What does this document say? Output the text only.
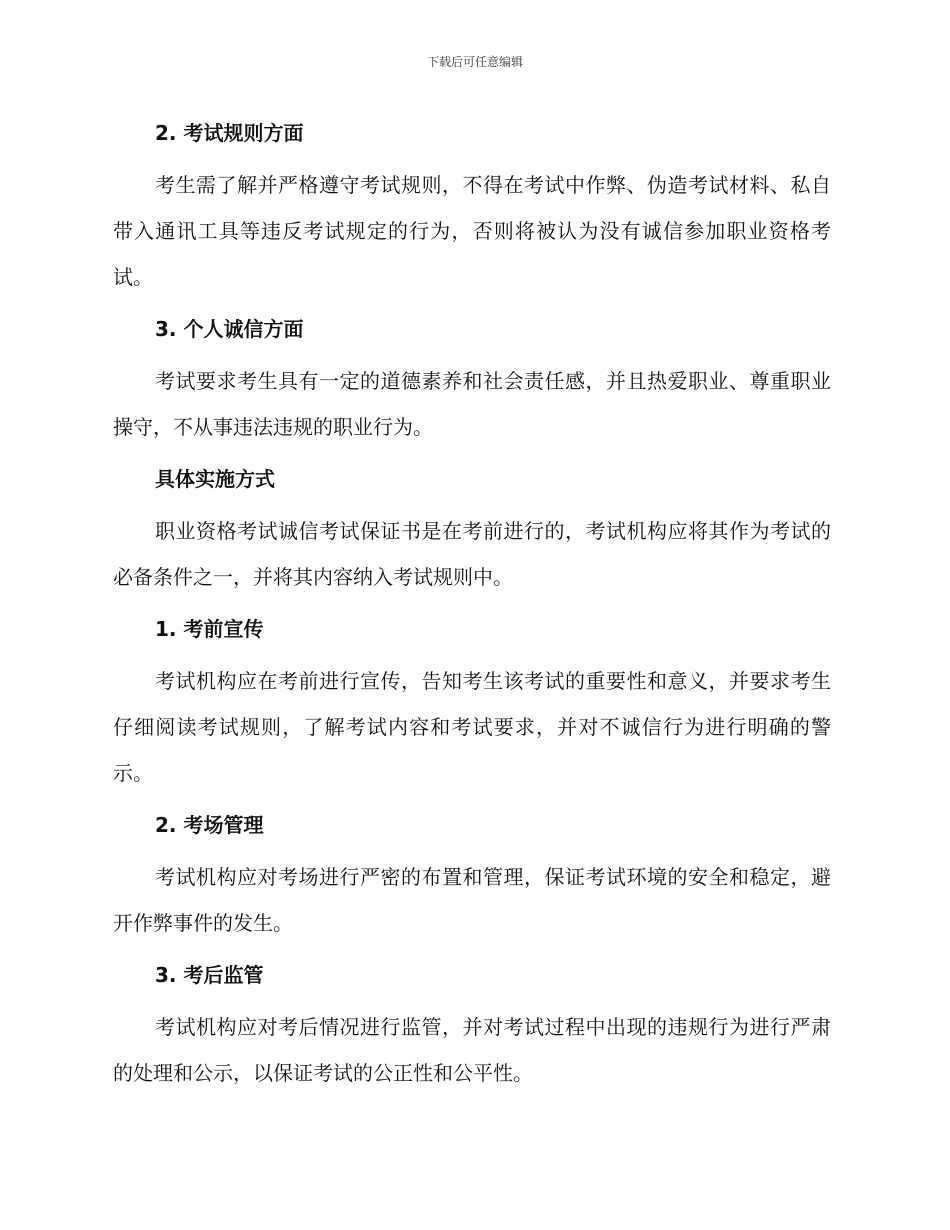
下载后可任意编辑
2. 考试规则方面

考生需了解并严格遵守考试规则，不得在考试中作弊、伪造考试材料、私自带入通讯工具等违反考试规定的行为，否则将被认为没有诚信参加职业资格考试。

3. 个人诚信方面

考试要求考生具有一定的道德素养和社会责任感，并且热爱职业、尊重职业操守，不从事违法违规的职业行为。

具体实施方式

职业资格考试诚信考试保证书是在考前进行的，考试机构应将其作为考试的必备条件之一，并将其内容纳入考试规则中。

1. 考前宣传

考试机构应在考前进行宣传，告知考生该考试的重要性和意义，并要求考生仔细阅读考试规则，了解考试内容和考试要求，并对不诚信行为进行明确的警示。

2. 考场管理

考试机构应对考场进行严密的布置和管理，保证考试环境的安全和稳定，避开作弊事件的发生。

3. 考后监管

考试机构应对考后情况进行监管，并对考试过程中出现的违规行为进行严肃的处理和公示，以保证考试的公正性和公平性。
